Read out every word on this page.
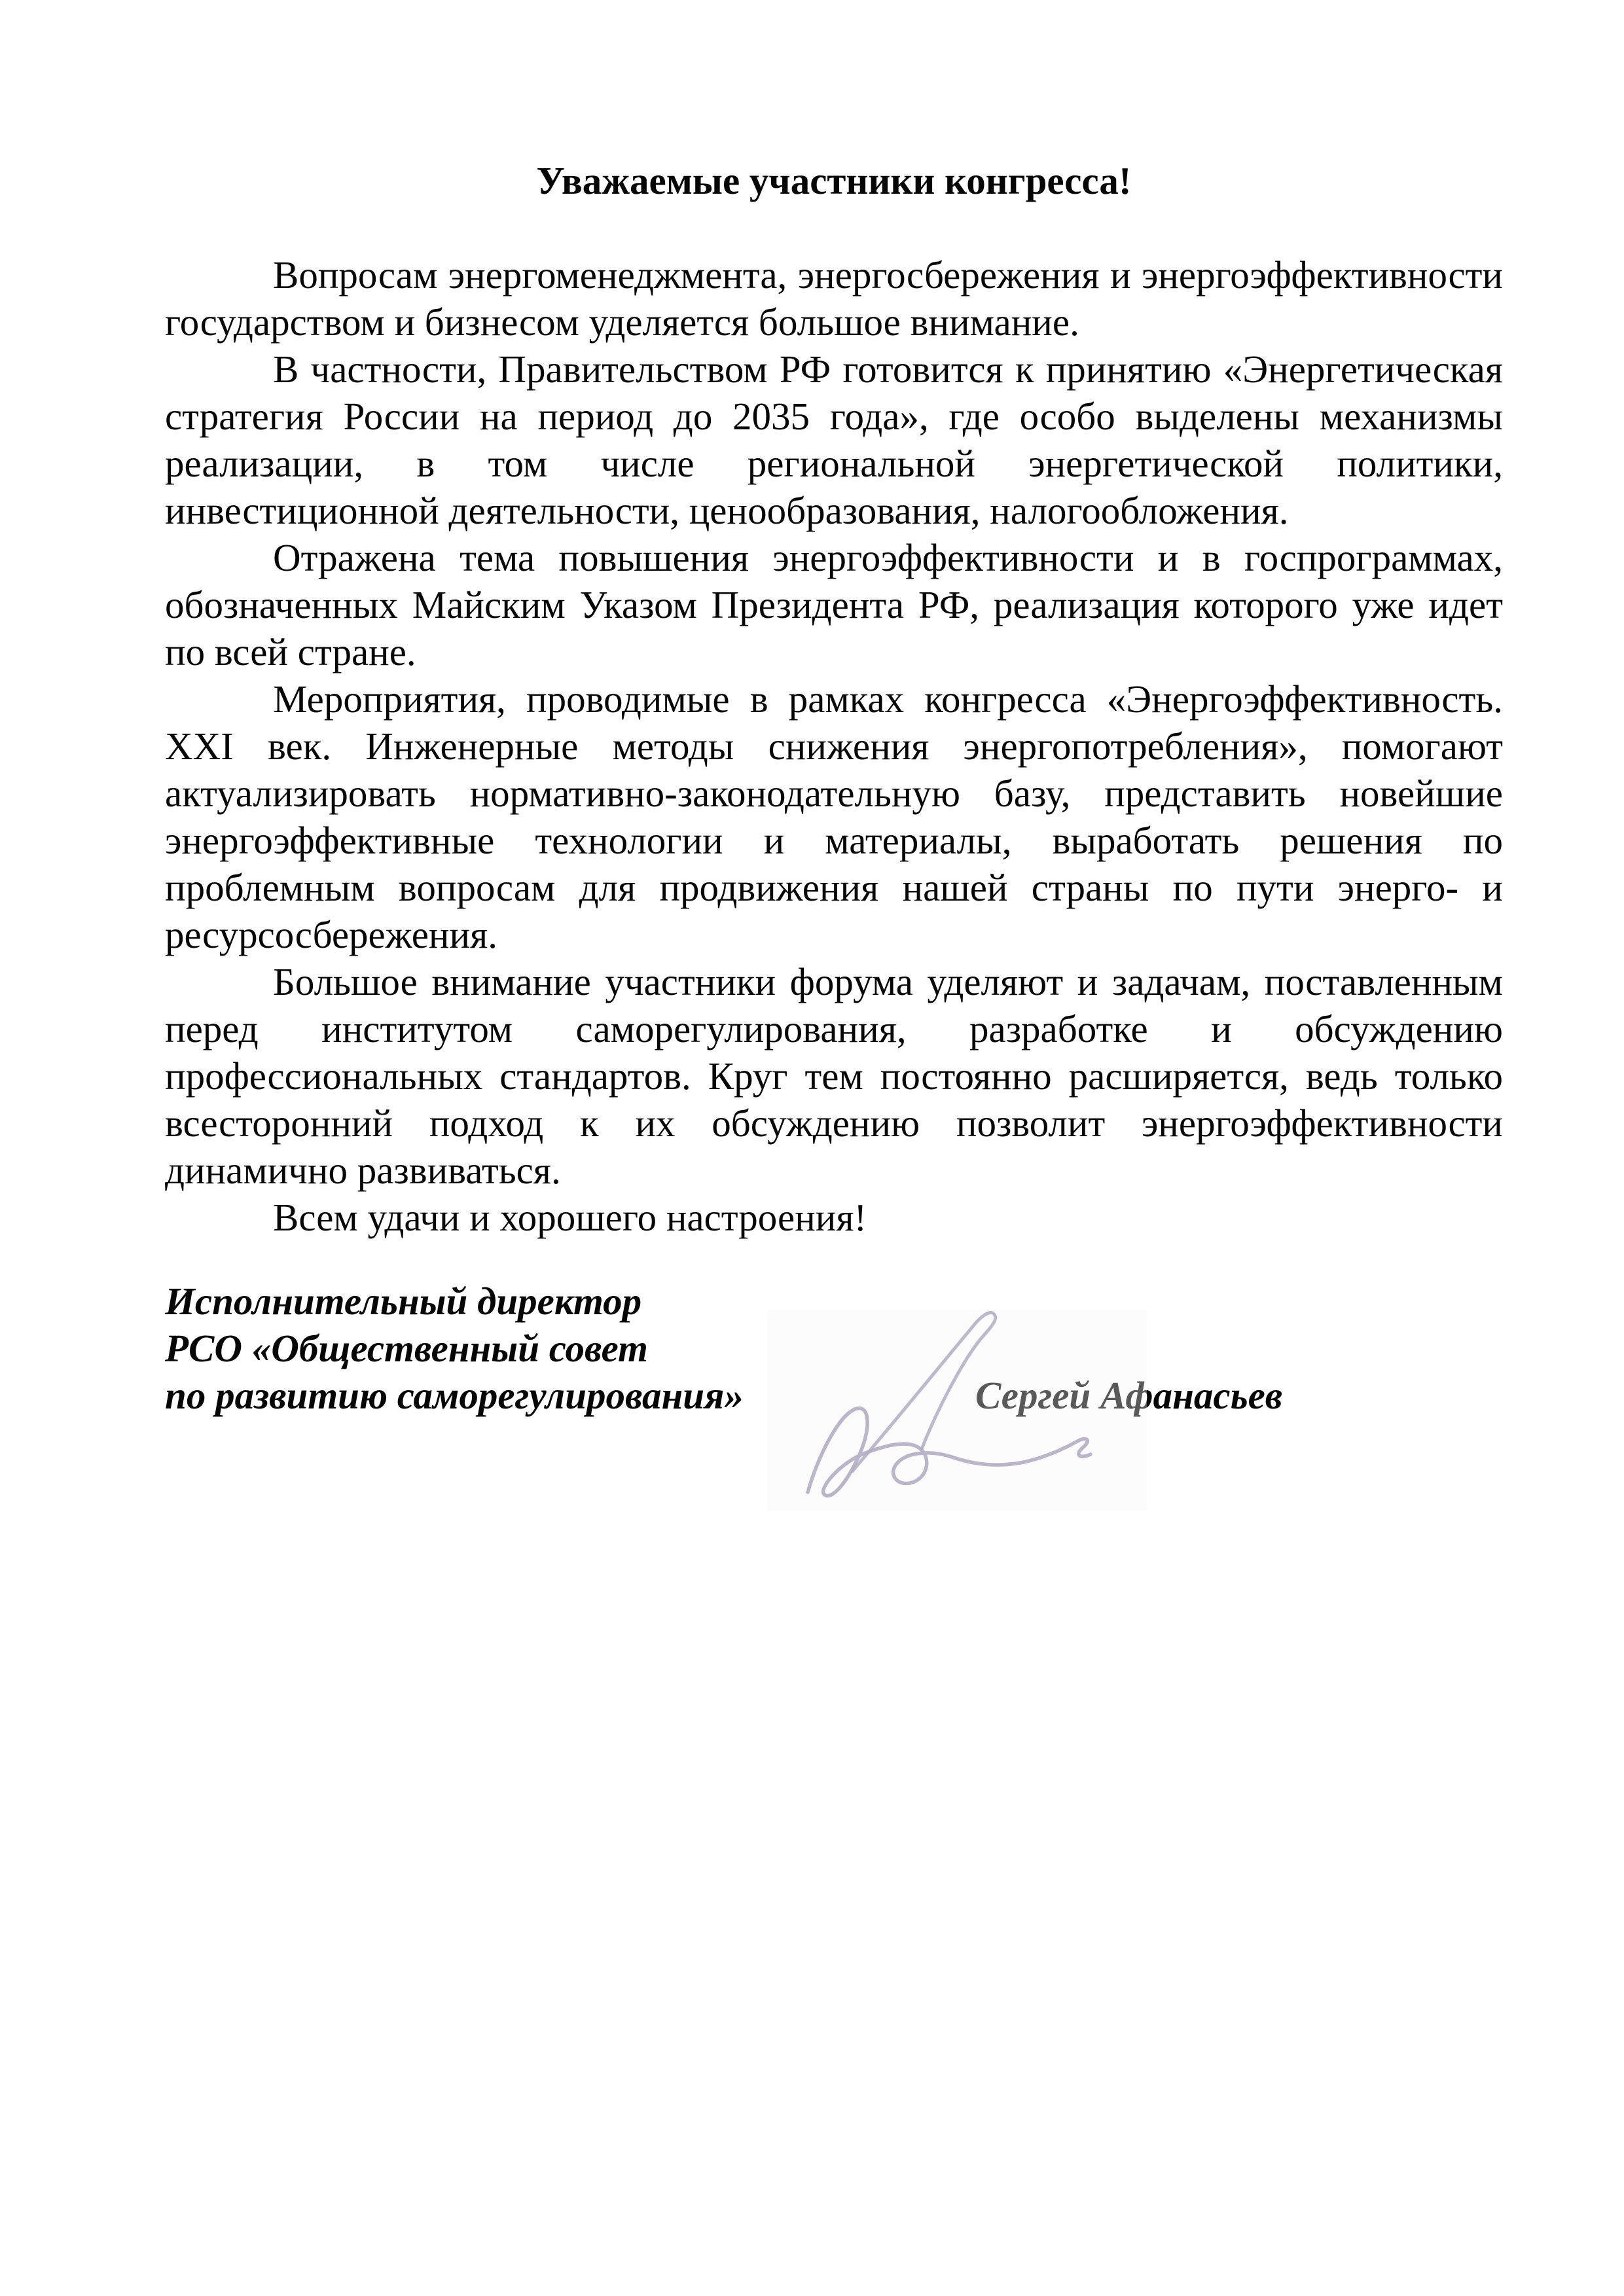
Уважаемые участники конгресса!
Вопросам энергоменеджмента, энергосбережения и энергоэффективности
государством и бизнесом уделяется большое внимание.
В частности, Правительством РФ готовится к принятию «Энергетическая
стратегия России на период до 2035 года», где особо выделены механизмы
реализации, в том числе региональной энергетической политики,
инвестиционной деятельности, ценообразования, налогообложения.
Отражена тема повышения энергоэффективности и в госпрограммах,
обозначенных Майским Указом Президента РФ, реализация которого уже идет
по всей стране.
Мероприятия, проводимые в рамках конгресса «Энергоэффективность.
XXI век. Инженерные методы снижения энергопотребления», помогают
актуализировать нормативно-законодательную базу, представить новейшие
энергоэффективные технологии и материалы, выработать решения по
проблемным вопросам для продвижения нашей страны по пути энерго- и
ресурсосбережения.
Большое внимание участники форума уделяют и задачам, поставленным
перед институтом саморегулирования, разработке и обсуждению
профессиональных стандартов. Круг тем постоянно расширяется, ведь только
всесторонний подход к их обсуждению позволит энергоэффективности
динамично развиваться.
Всем удачи и хорошего настроения!
Исполнительный директор
РСО «Общественный совет
по развитию саморегулирования»	Сергей Афанасьев
